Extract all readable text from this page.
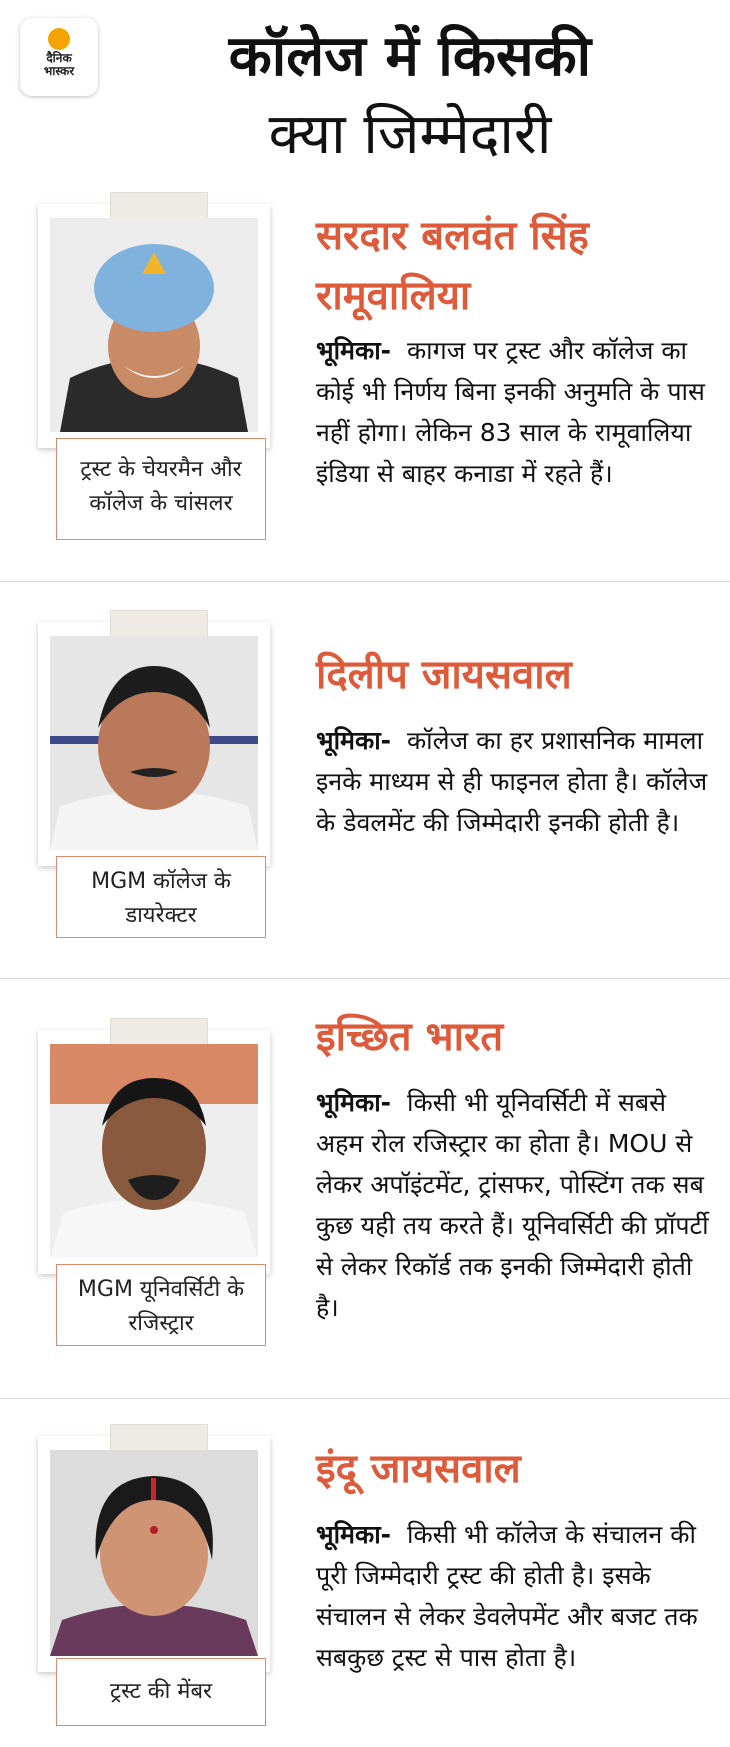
दैनिक
भास्कर	कॉलेज में किसकी
क्या जिम्मेदारी
ट्रस्ट के चेयरमैन और कॉलेज के चांसलर
सरदार बलवंत सिंह
रामूवालिया
भूमिका- कागज पर ट्रस्ट और कॉलेज का कोई भी निर्णय बिना इनकी अनुमति के पास नहीं होगा। लेकिन 83 साल के रामूवालिया इंडिया से बाहर कनाडा में रहते हैं।
MGM कॉलेज के डायरेक्टर
दिलीप जायसवाल
भूमिका- कॉलेज का हर प्रशासनिक मामला इनके माध्यम से ही फाइनल होता है। कॉलेज के डेवलमेंट की जिम्मेदारी इनकी होती है।
MGM यूनिवर्सिटी के रजिस्ट्रार
इच्छित भारत
भूमिका- किसी भी यूनिवर्सिटी में सबसे अहम रोल रजिस्ट्रार का होता है। MOU से लेकर अपॉइंटमेंट, ट्रांसफर, पोस्टिंग तक सब कुछ यही तय करते हैं। यूनिवर्सिटी की प्रॉपर्टी से लेकर रिकॉर्ड तक इनकी जिम्मेदारी होती है।
ट्रस्ट की मेंबर
इंदू जायसवाल
भूमिका- किसी भी कॉलेज के संचालन की पूरी जिम्मेदारी ट्रस्ट की होती है। इसके संचालन से लेकर डेवलेपमेंट और बजट तक सबकुछ ट्रस्ट से पास होता है।
